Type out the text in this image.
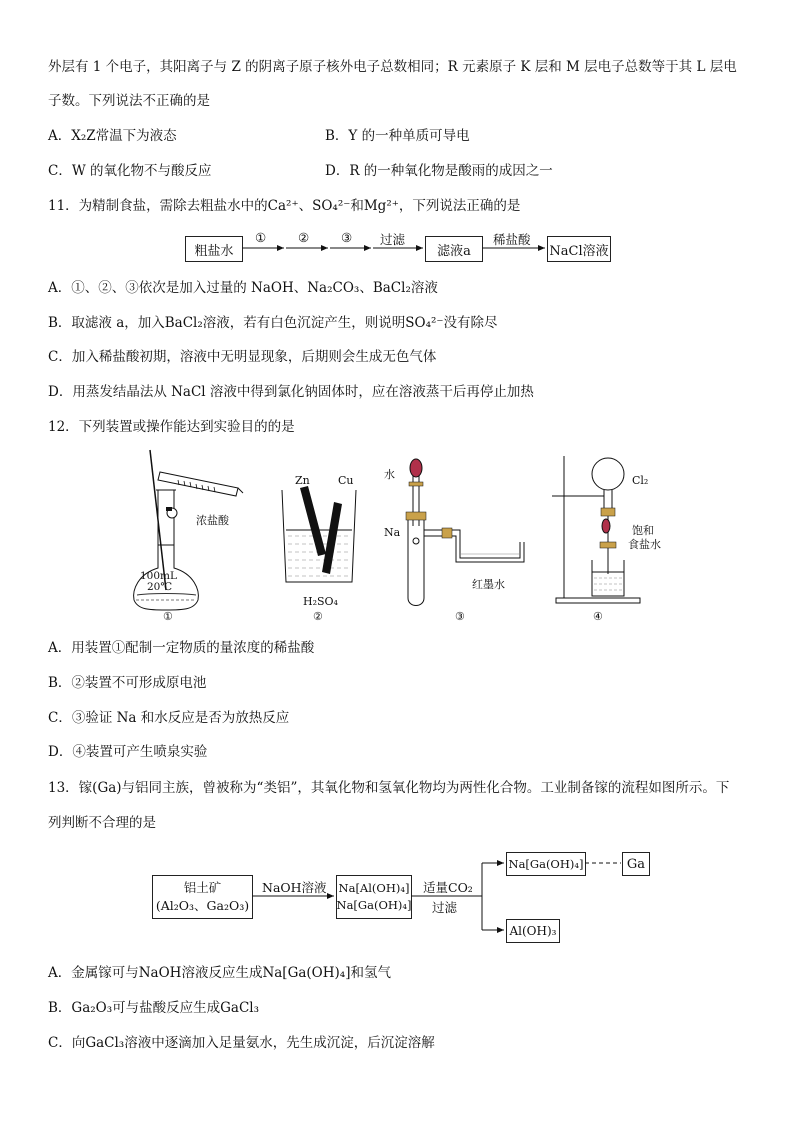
外层有 1 个电子，其阳离子与 Z 的阴离子原子核外电子总数相同；R 元素原子 K 层和 M 层电子总数等于其 L 层电
子数。下列说法不正确的是
A．X₂Z常温下为液态	B．Y 的一种单质可导电
C．W 的氧化物不与酸反应	D．R 的一种氧化物是酸雨的成因之一
11．为精制食盐，需除去粗盐水中的Ca²⁺、SO₄²⁻和Mg²⁺，下列说法正确的是
粗盐水	滤液a	NaCl溶液
①	②	③ 过滤	稀盐酸
A．①、②、③依次是加入过量的 NaOH、Na₂CO₃、BaCl₂溶液
B．取滤液 a，加入BaCl₂溶液，若有白色沉淀产生，则说明SO₄²⁻没有除尽
C．加入稀盐酸初期，溶液中无明显现象，后期则会生成无色气体
D．用蒸发结晶法从 NaCl 溶液中得到氯化钠固体时，应在溶液蒸干后再停止加热
12．下列装置或操作能达到实验目的的是
浓盐酸
100mL
20℃
①
Zn	Cu
H₂SO₄
②
水
Na
红墨水
③
Cl₂
饱和
食盐水
④
A．用装置①配制一定物质的量浓度的稀盐酸
B．②装置不可形成原电池
C．③验证 Na 和水反应是否为放热反应
D．④装置可产生喷泉实验
13．镓(Ga)与铝同主族，曾被称为“类铝”，其氧化物和氢氧化物均为两性化合物。工业制备镓的流程如图所示。下
列判断不合理的是
铝土矿
(Al₂O₃、Ga₂O₃)
Na[Al(OH)₄]
Na[Ga(OH)₄]
Na[Ga(OH)₄]	Ga
Al(OH)₃
NaOH溶液	适量CO₂
过滤
A．金属镓可与NaOH溶液反应生成Na[Ga(OH)₄]和氢气
B．Ga₂O₃可与盐酸反应生成GaCl₃
C．向GaCl₃溶液中逐滴加入足量氨水，先生成沉淀，后沉淀溶解
